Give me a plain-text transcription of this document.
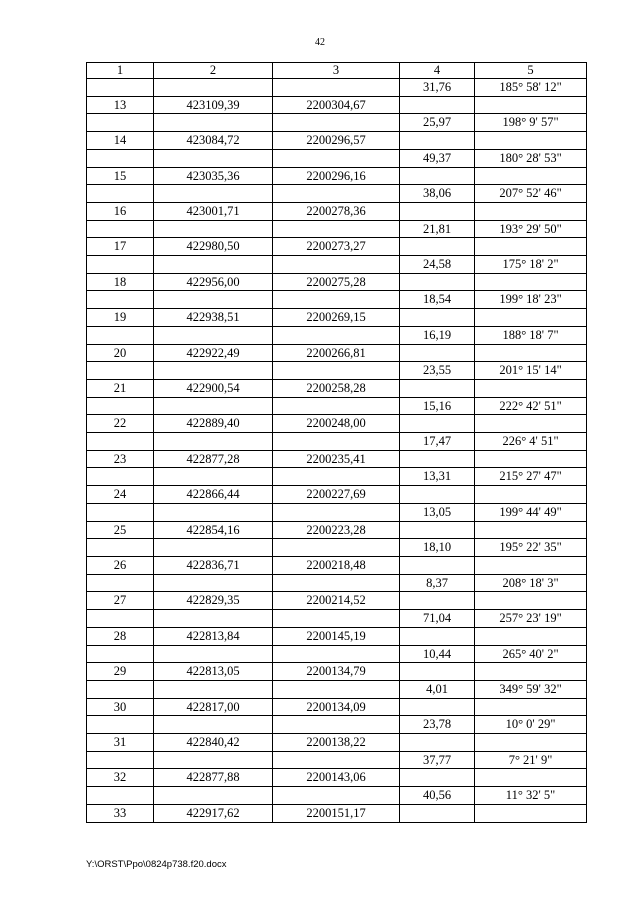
42
1	2	3	4	5
			31,76	185° 58' 12"
13	423109,39	2200304,67		
			25,97	198° 9' 57"
14	423084,72	2200296,57		
			49,37	180° 28' 53"
15	423035,36	2200296,16		
			38,06	207° 52' 46"
16	423001,71	2200278,36		
			21,81	193° 29' 50"
17	422980,50	2200273,27		
			24,58	175° 18' 2"
18	422956,00	2200275,28		
			18,54	199° 18' 23"
19	422938,51	2200269,15		
			16,19	188° 18' 7"
20	422922,49	2200266,81		
			23,55	201° 15' 14"
21	422900,54	2200258,28		
			15,16	222° 42' 51"
22	422889,40	2200248,00		
			17,47	226° 4' 51"
23	422877,28	2200235,41		
			13,31	215° 27' 47"
24	422866,44	2200227,69		
			13,05	199° 44' 49"
25	422854,16	2200223,28		
			18,10	195° 22' 35"
26	422836,71	2200218,48		
			8,37	208° 18' 3"
27	422829,35	2200214,52		
			71,04	257° 23' 19"
28	422813,84	2200145,19		
			10,44	265° 40' 2"
29	422813,05	2200134,79		
			4,01	349° 59' 32"
30	422817,00	2200134,09		
			23,78	10° 0' 29"
31	422840,42	2200138,22		
			37,77	7° 21' 9"
32	422877,88	2200143,06		
			40,56	11° 32' 5"
33	422917,62	2200151,17		
Y:\ORST\Ppo\0824p738.f20.docx
